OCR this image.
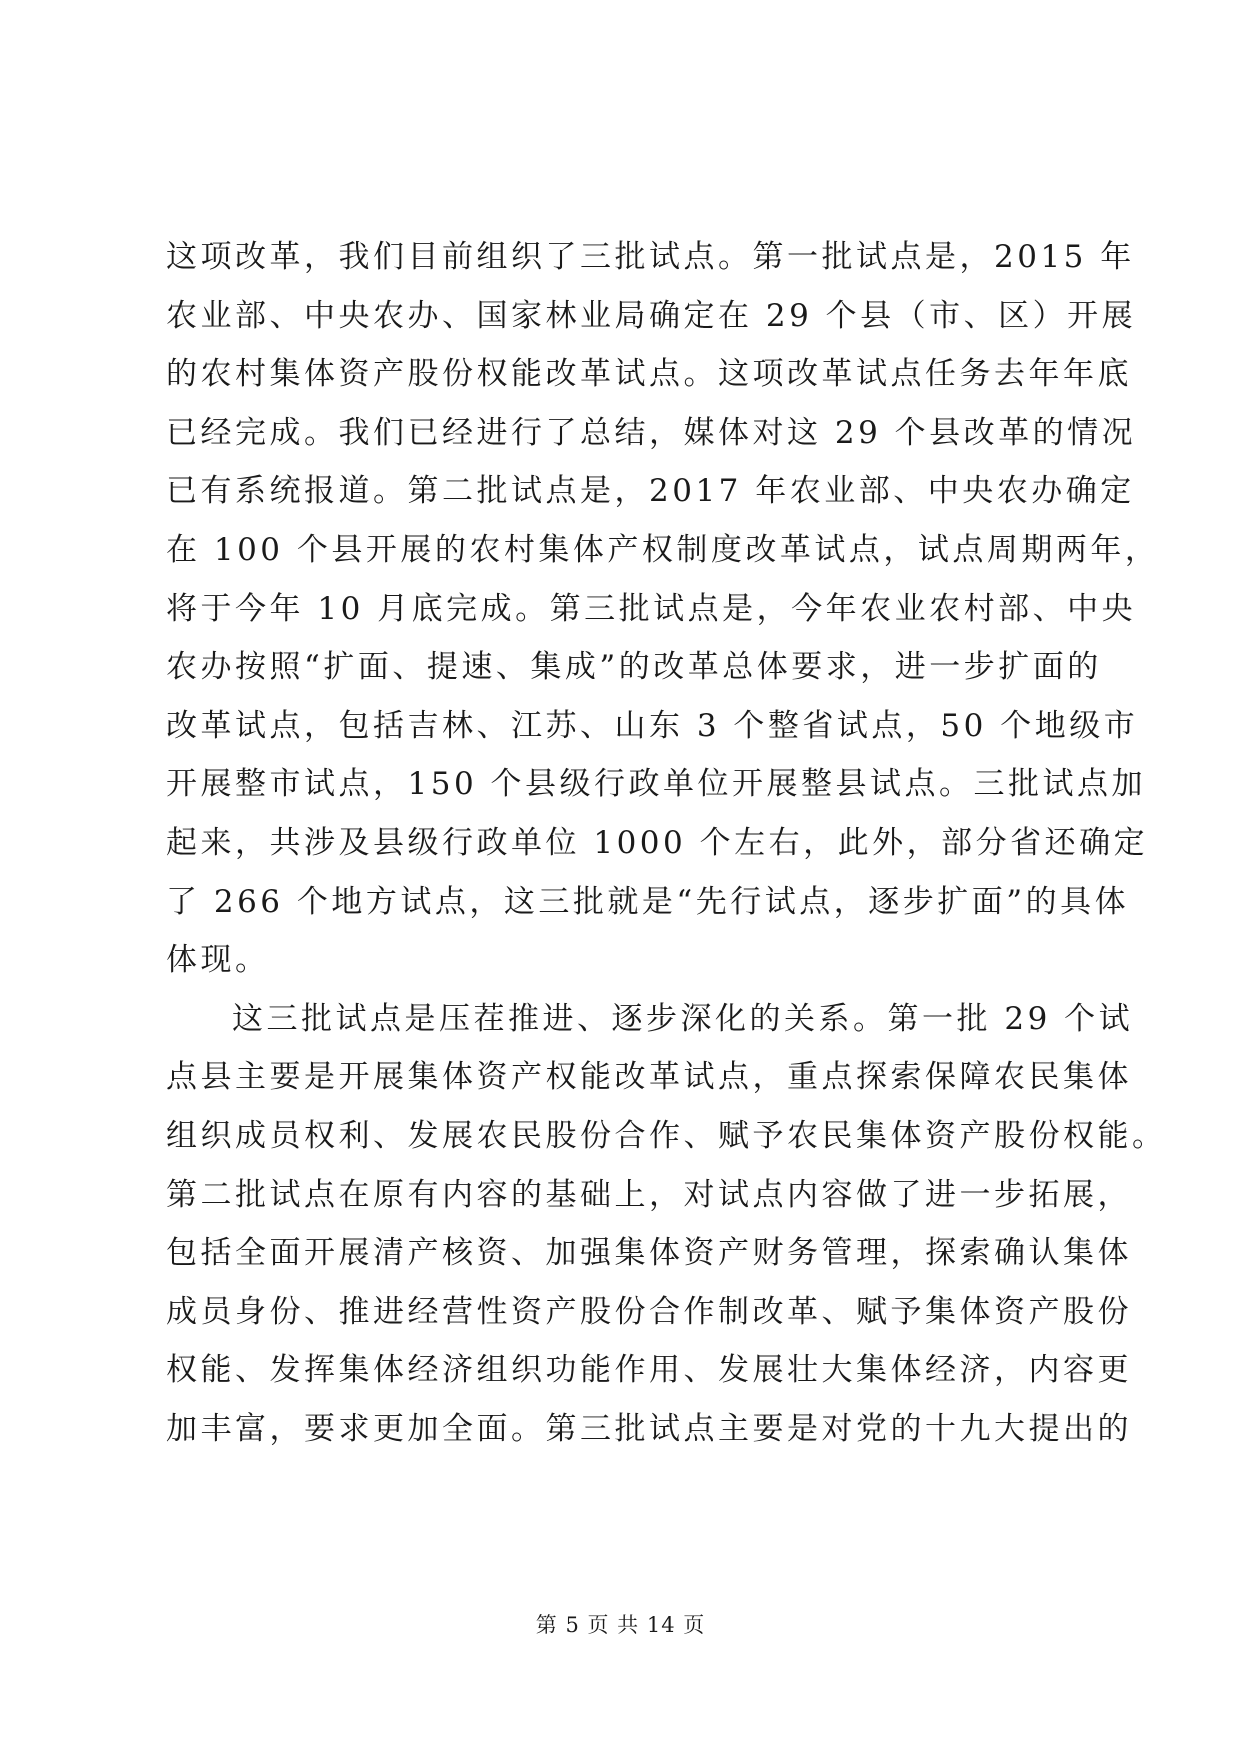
这项改革，我们目前组织了三批试点。第一批试点是，2015 年
农业部、中央农办、国家林业局确定在 29 个县（市、区）开展
的农村集体资产股份权能改革试点。这项改革试点任务去年年底
已经完成。我们已经进行了总结，媒体对这 29 个县改革的情况
已有系统报道。第二批试点是，2017 年农业部、中央农办确定
在 100 个县开展的农村集体产权制度改革试点，试点周期两年，
将于今年 10 月底完成。第三批试点是，今年农业农村部、中央
农办按照“扩面、提速、集成”的改革总体要求，进一步扩面的
改革试点，包括吉林、江苏、山东 3 个整省试点，50 个地级市
开展整市试点，150 个县级行政单位开展整县试点。三批试点加
起来，共涉及县级行政单位 1000 个左右，此外，部分省还确定
了 266 个地方试点，这三批就是“先行试点，逐步扩面”的具体
体现。
这三批试点是压茬推进、逐步深化的关系。第一批 29 个试
点县主要是开展集体资产权能改革试点，重点探索保障农民集体
组织成员权利、发展农民股份合作、赋予农民集体资产股份权能。
第二批试点在原有内容的基础上，对试点内容做了进一步拓展，
包括全面开展清产核资、加强集体资产财务管理，探索确认集体
成员身份、推进经营性资产股份合作制改革、赋予集体资产股份
权能、发挥集体经济组织功能作用、发展壮大集体经济，内容更
加丰富，要求更加全面。第三批试点主要是对党的十九大提出的
第 5 页 共 14 页
